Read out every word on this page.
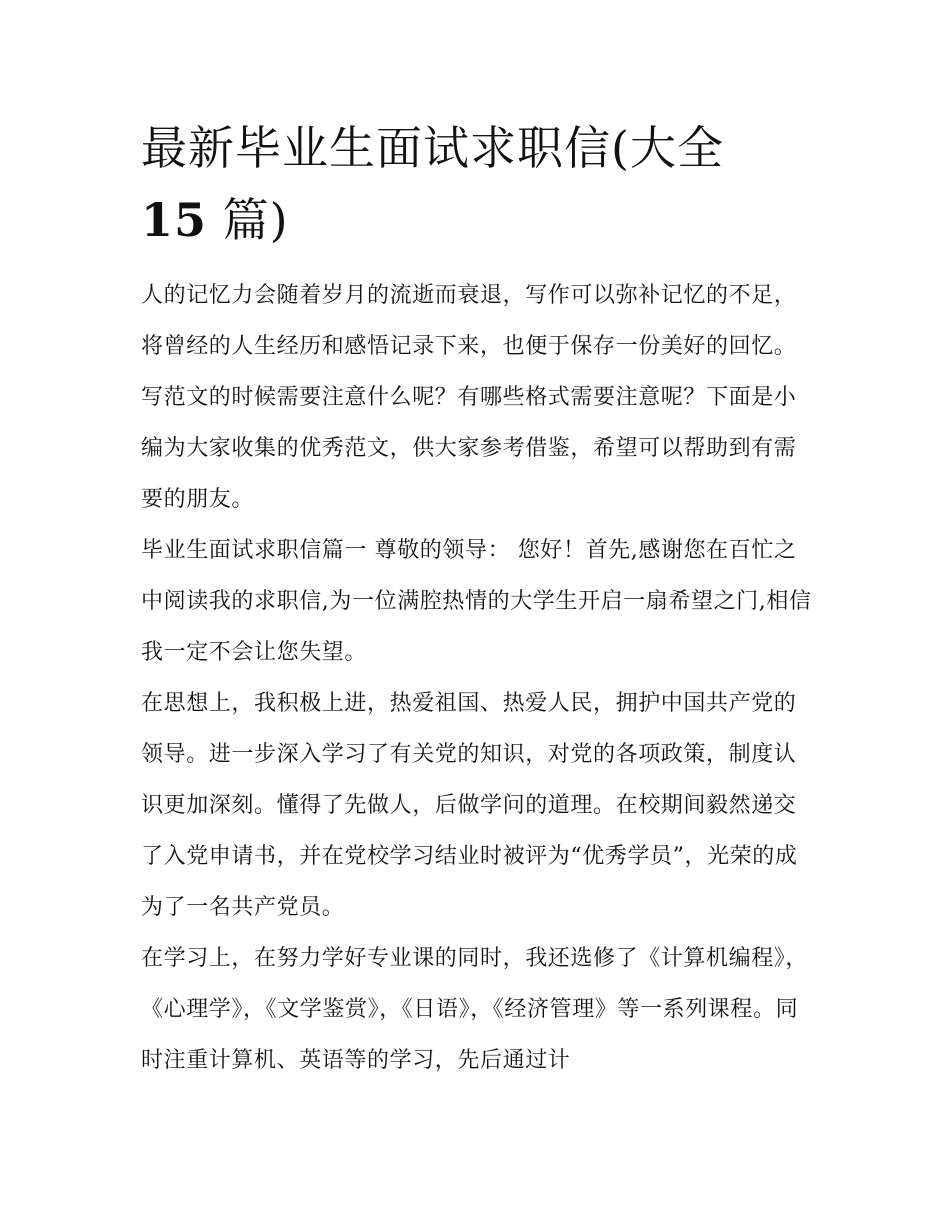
最新毕业生面试求职信(大全
15 篇)

人的记忆力会随着岁月的流逝而衰退，写作可以弥补记忆的不足，将曾经的人生经历和感悟记录下来，也便于保存一份美好的回忆。写范文的时候需要注意什么呢？有哪些格式需要注意呢？下面是小编为大家收集的优秀范文，供大家参考借鉴，希望可以帮助到有需要的朋友。

毕业生面试求职信篇一 尊敬的领导： 您好！首先,感谢您在百忙之中阅读我的求职信,为一位满腔热情的大学生开启一扇希望之门,相信我一定不会让您失望。

在思想上，我积极上进，热爱祖国、热爱人民，拥护中国共产党的领导。进一步深入学习了有关党的知识，对党的各项政策，制度认识更加深刻。懂得了先做人，后做学问的道理。在校期间毅然递交了入党申请书，并在党校学习结业时被评为“优秀学员”，光荣的成为了一名共产党员。

在学习上，在努力学好专业课的同时，我还选修了《计算机编程》，《心理学》，《文学鉴赏》，《日语》，《经济管理》等一系列课程。同时注重计算机、英语等的学习，先后通过计
